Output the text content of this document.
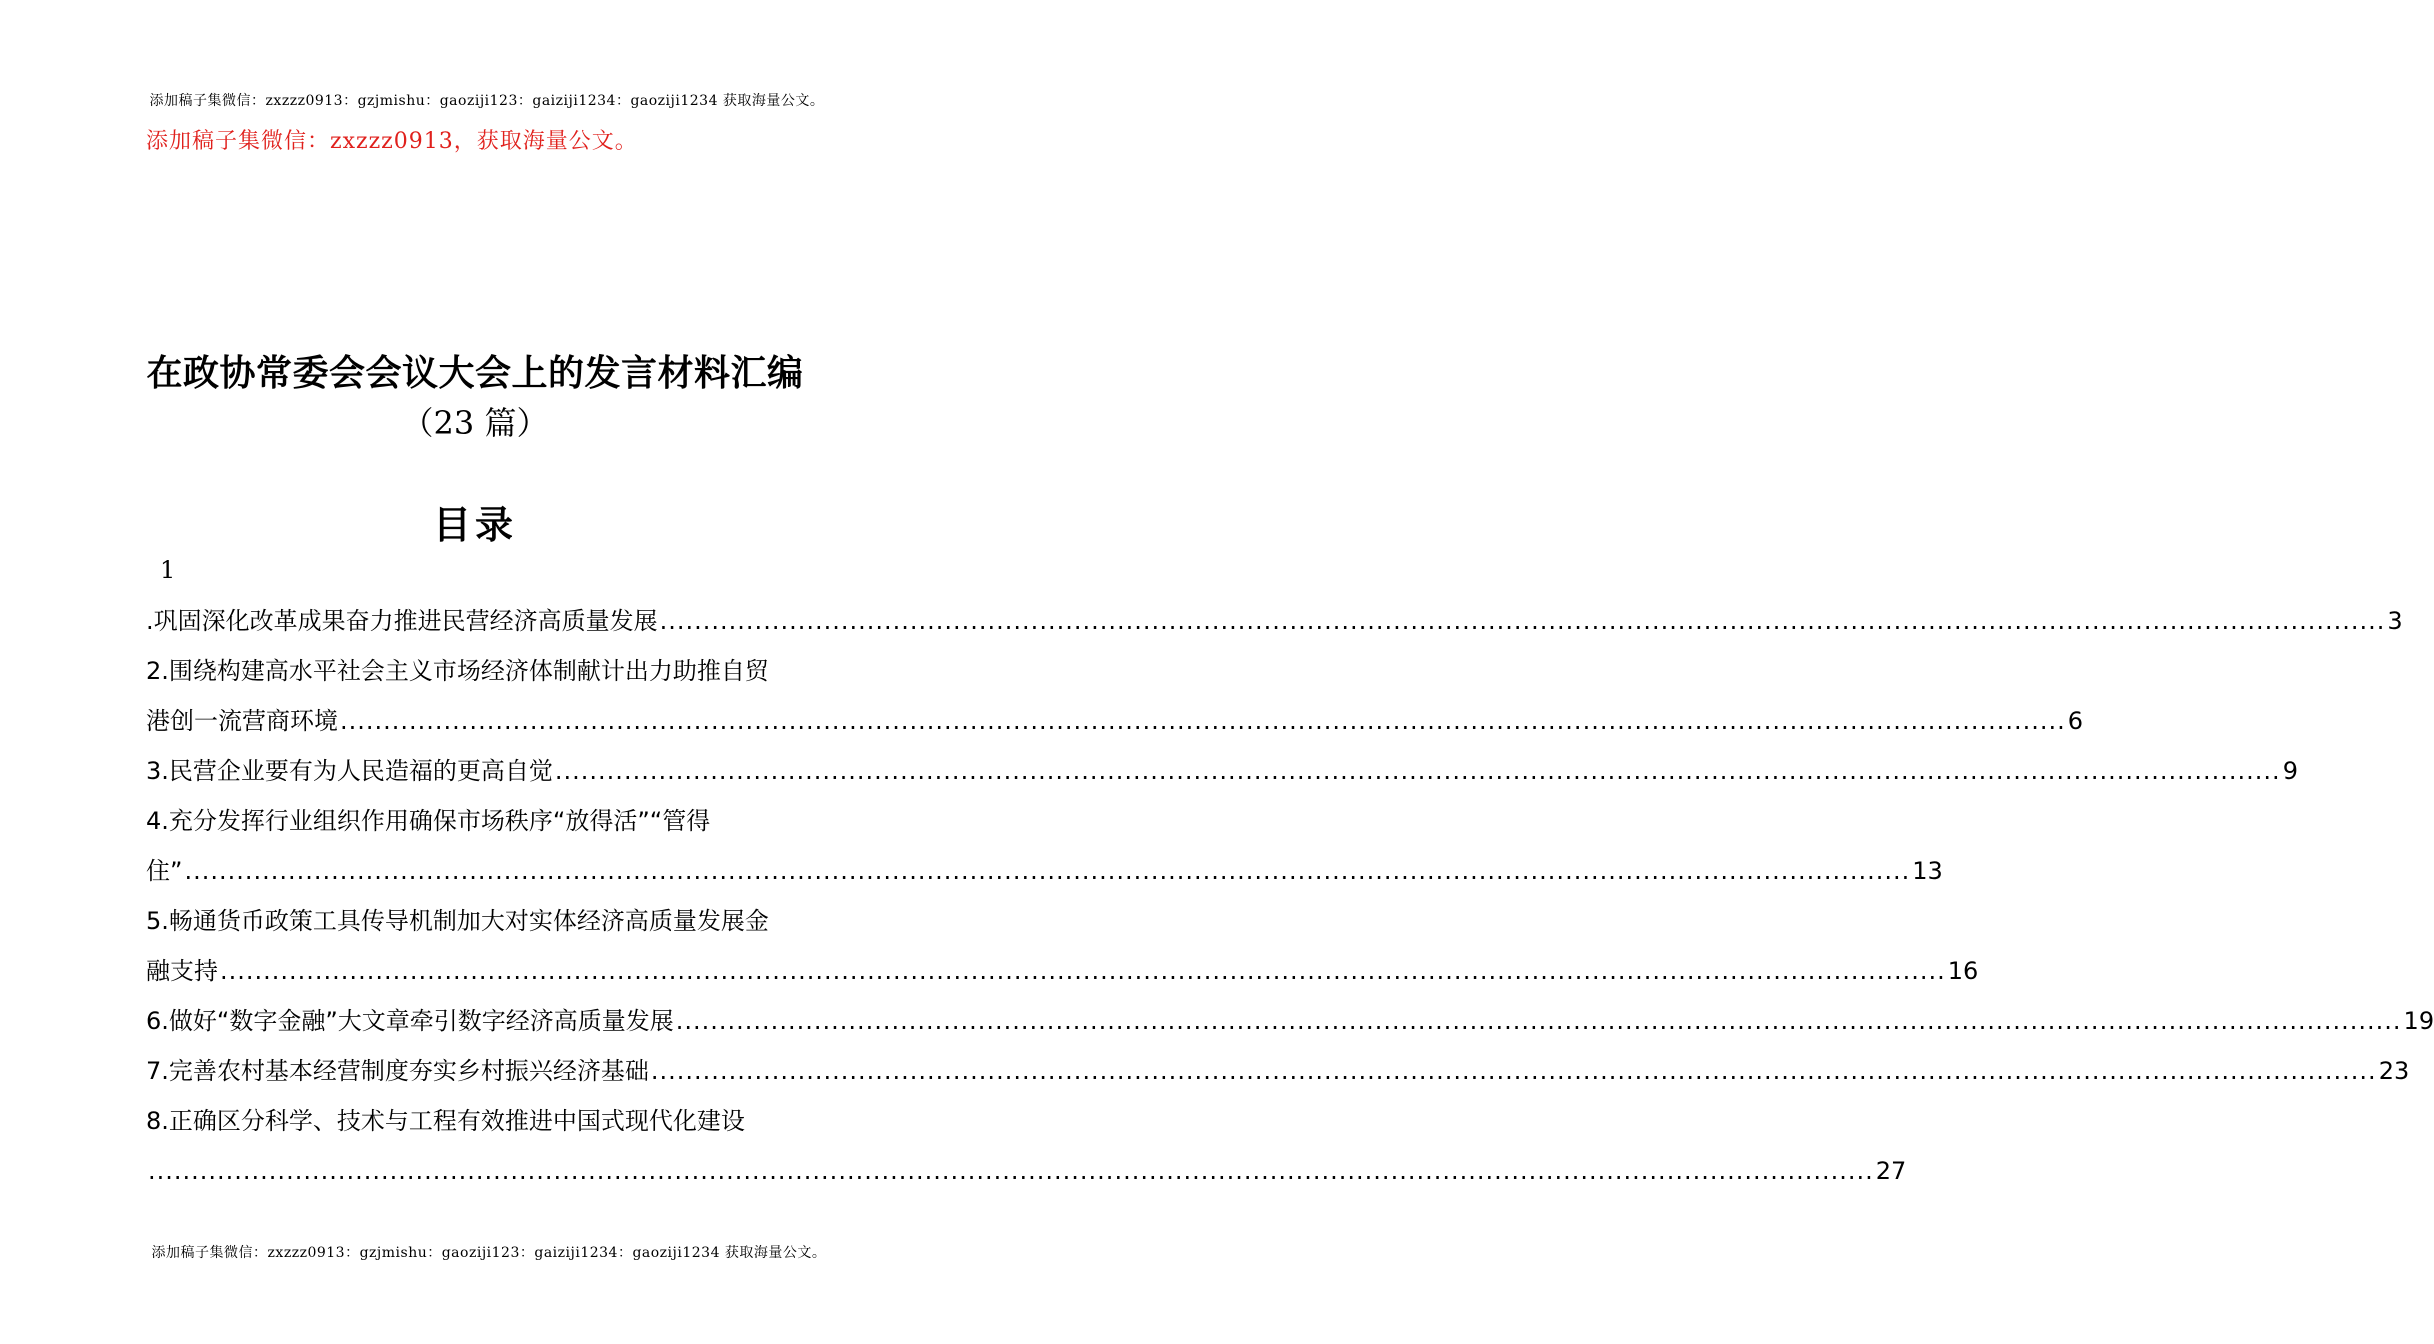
添加稿子集微信：zxzzz0913：gzjmishu：gaoziji123：gaiziji1234：gaoziji1234 获取海量公文。
添加稿子集微信：zxzzz0913，获取海量公文。
在政协常委会会议大会上的发言材料汇编
（23 篇）
目录
1
.巩固深化改革成果奋力推进民营经济高质量发展 ........................................................................................................................................................................................................ 3
2.围绕构建高水平社会主义市场经济体制献计出力助推自贸
港创一流营商环境 ........................................................................................................................................................................................................ 6
3.民营企业要有为人民造福的更高自觉 ........................................................................................................................................................................................................ 9
4.充分发挥行业组织作用确保市场秩序“放得活”“管得
住” ........................................................................................................................................................................................................ 13
5.畅通货币政策工具传导机制加大对实体经济高质量发展金
融支持 ........................................................................................................................................................................................................ 16
6.做好“数字金融”大文章牵引数字经济高质量发展 ........................................................................................................................................................................................................ 19
7.完善农村基本经营制度夯实乡村振兴经济基础 ........................................................................................................................................................................................................ 23
8.正确区分科学、技术与工程有效推进中国式现代化建设
........................................................................................................................................................................................................ 27
添加稿子集微信：zxzzz0913：gzjmishu：gaoziji123：gaiziji1234：gaoziji1234 获取海量公文。
